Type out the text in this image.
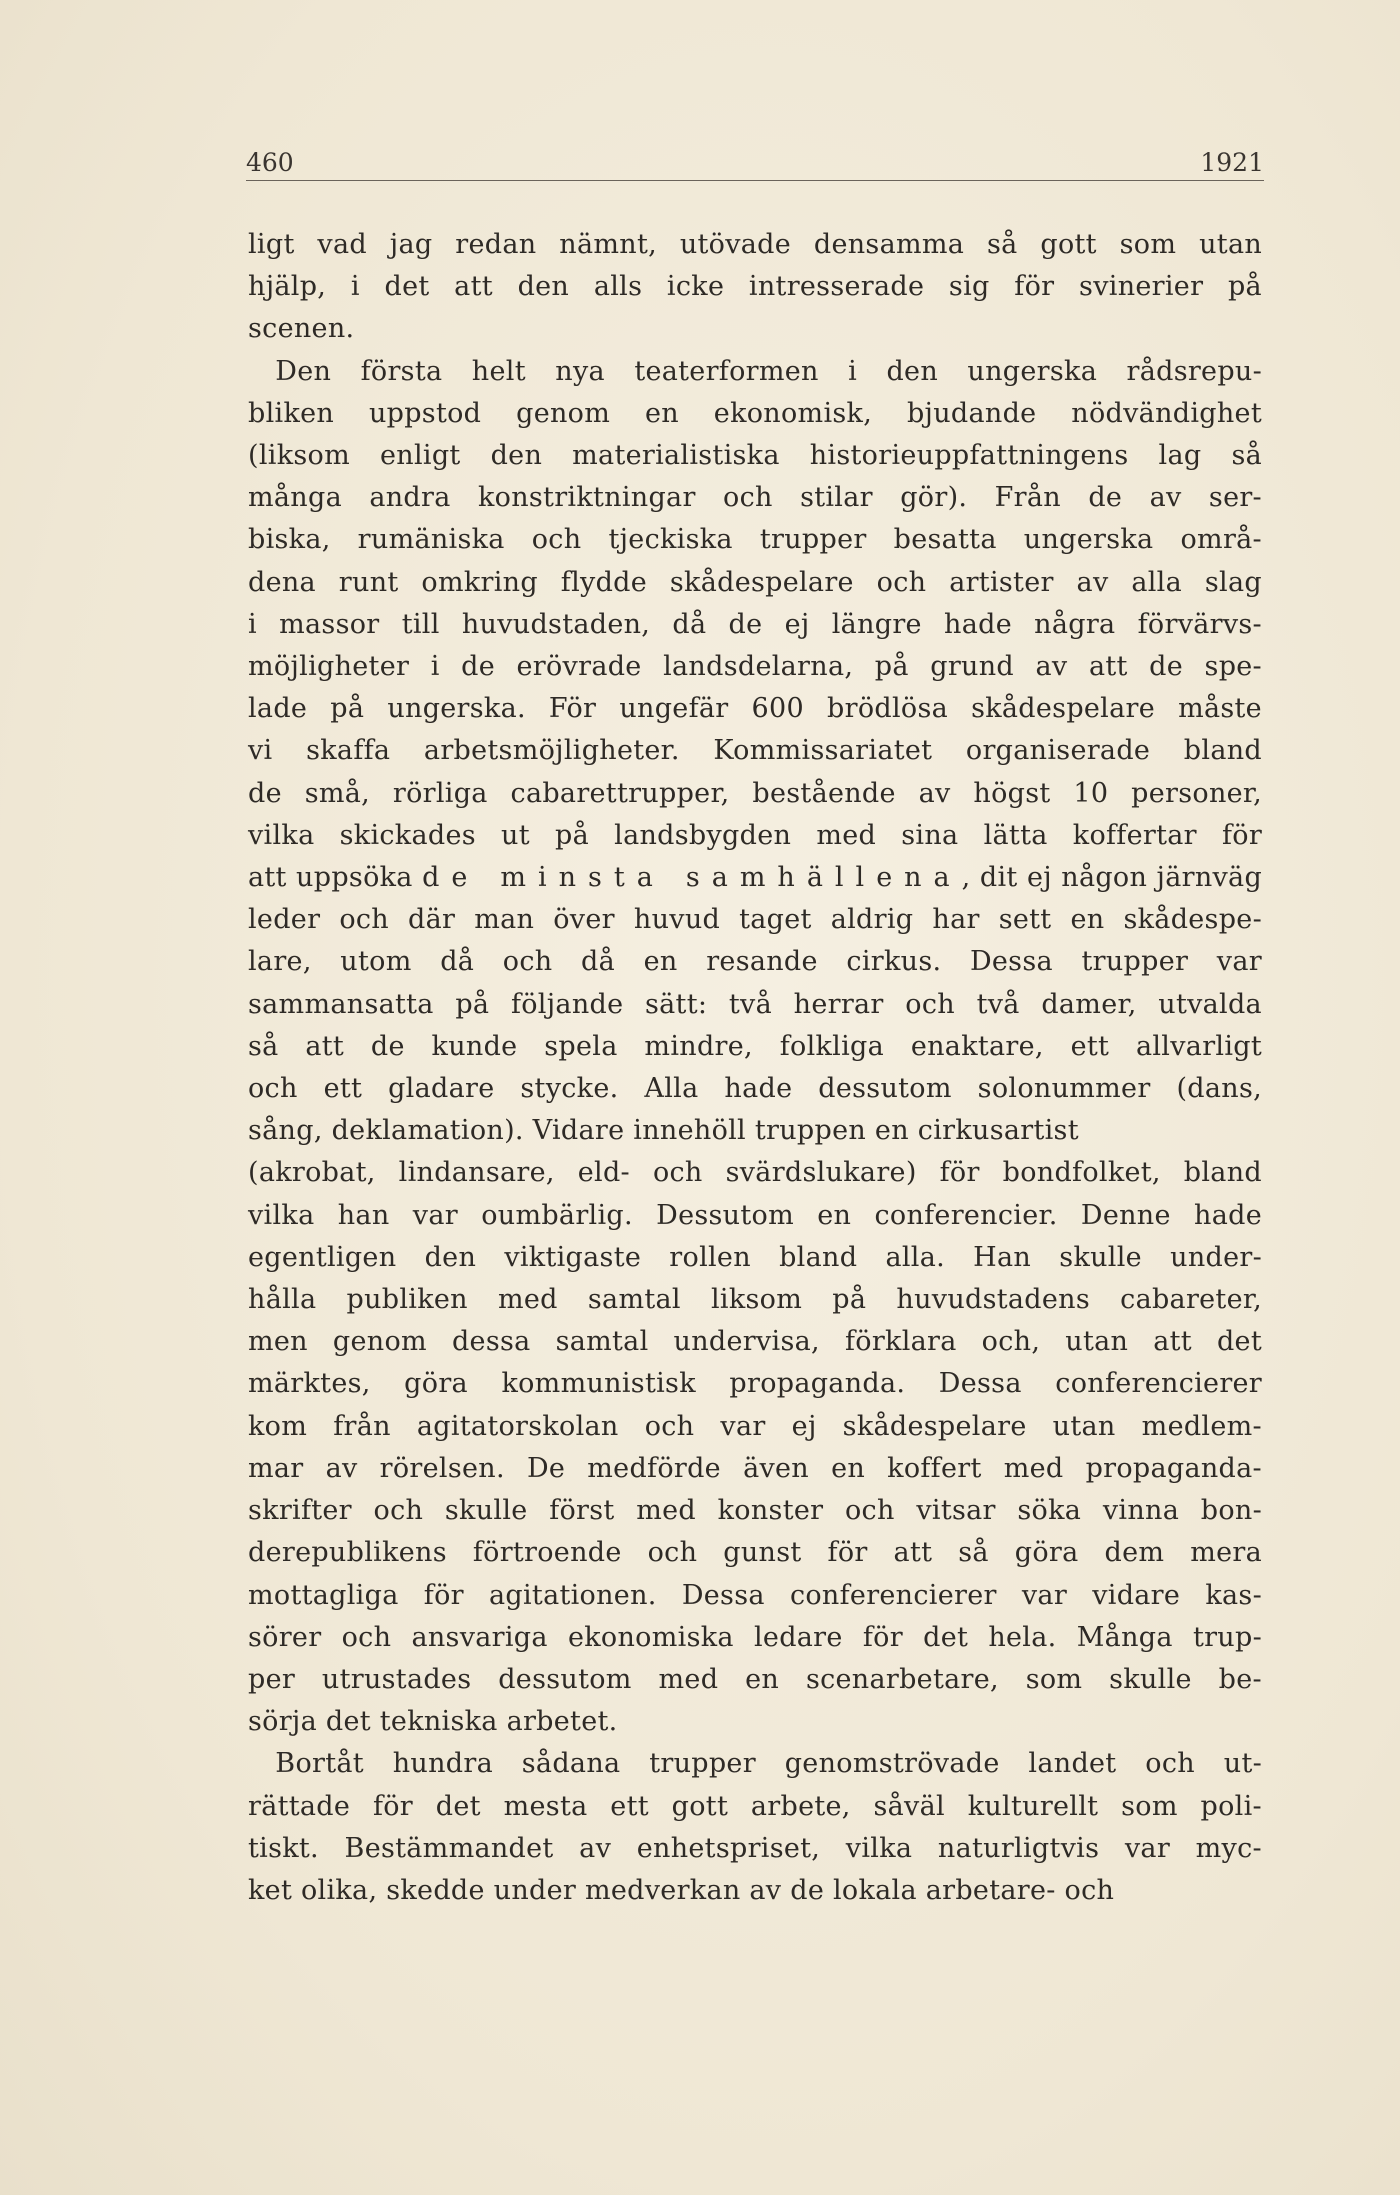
460	1921
ligt vad jag redan nämnt, utövade densamma så gott som utan
hjälp, i det att den alls icke intresserade sig för svinerier på
scenen.
 Den första helt nya teaterformen i den ungerska rådsrepu-
bliken uppstod genom en ekonomisk, bjudande nödvändighet
(liksom enligt den materialistiska historieuppfattningens lag så
många andra konstriktningar och stilar gör). Från de av ser-
biska, rumäniska och tjeckiska trupper besatta ungerska områ-
dena runt omkring flydde skådespelare och artister av alla slag
i massor till huvudstaden, då de ej längre hade några förvärvs-
möjligheter i de erövrade landsdelarna, på grund av att de spe-
lade på ungerska. För ungefär 600 brödlösa skådespelare måste
vi skaffa arbetsmöjligheter. Kommissariatet organiserade bland
de små, rörliga cabarettrupper, bestående av högst 10 personer,
vilka skickades ut på landsbygden med sina lätta koffertar för
att uppsöka de minsta samhällena, dit ej någon järnväg
leder och där man över huvud taget aldrig har sett en skådespe-
lare, utom då och då en resande cirkus. Dessa trupper var
sammansatta på följande sätt: två herrar och två damer, utvalda
så att de kunde spela mindre, folkliga enaktare, ett allvarligt
och ett gladare stycke. Alla hade dessutom solonummer (dans,
sång, deklamation). Vidare innehöll truppen en cirkusartist
(akrobat, lindansare, eld- och svärdslukare) för bondfolket, bland
vilka han var oumbärlig. Dessutom en conferencier. Denne hade
egentligen den viktigaste rollen bland alla. Han skulle under-
hålla publiken med samtal liksom på huvudstadens cabareter,
men genom dessa samtal undervisa, förklara och, utan att det
märktes, göra kommunistisk propaganda. Dessa conferencierer
kom från agitatorskolan och var ej skådespelare utan medlem-
mar av rörelsen. De medförde även en koffert med propaganda-
skrifter och skulle först med konster och vitsar söka vinna bon-
derepublikens förtroende och gunst för att så göra dem mera
mottagliga för agitationen. Dessa conferencierer var vidare kas-
sörer och ansvariga ekonomiska ledare för det hela. Många trup-
per utrustades dessutom med en scenarbetare, som skulle be-
sörja det tekniska arbetet.
 Bortåt hundra sådana trupper genomströvade landet och ut-
rättade för det mesta ett gott arbete, såväl kulturellt som poli-
tiskt. Bestämmandet av enhetspriset, vilka naturligtvis var myc-
ket olika, skedde under medverkan av de lokala arbetare- och
